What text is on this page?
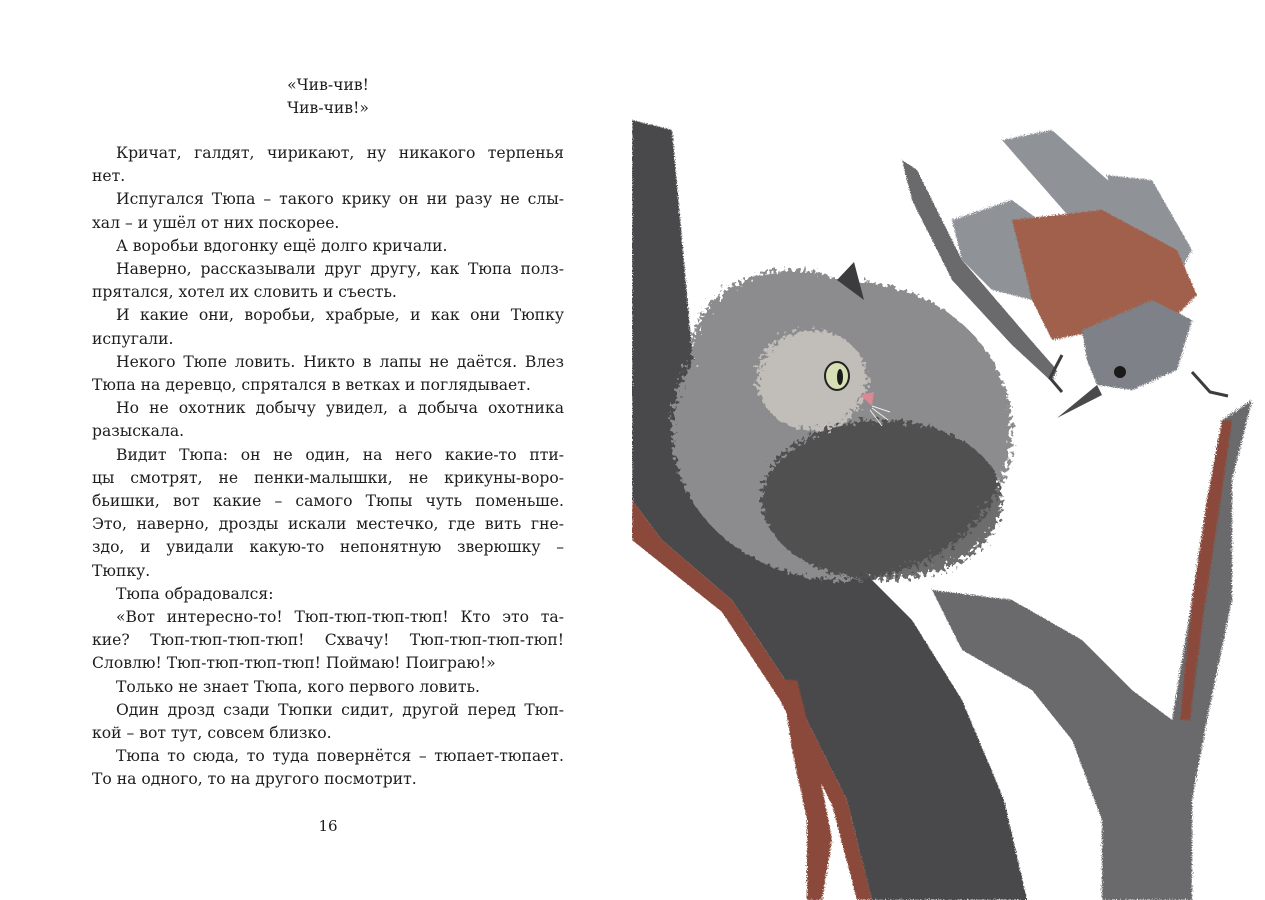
«Чив-чив!
Чив-чив!»
Кричат, галдят, чирикают, ну никакого терпенья
нет.
Испугался Тюпа – такого крику он ни разу не слы-
хал – и ушёл от них поскорее.
А воробьи вдогонку ещё долго кричали.
Наверно, рассказывали друг другу, как Тюпа полз-
прятался, хотел их словить и съесть.
И какие они, воробьи, храбрые, и как они Тюпку
испугали.
Некого Тюпе ловить. Никто в лапы не даётся. Влез
Тюпа на деревцо, спрятался в ветках и поглядывает.
Но не охотник добычу увидел, а добыча охотника
разыскала.
Видит Тюпа: он не один, на него какие-то пти-
цы смотрят, не пенки-малышки, не крикуны-воро-
бьишки, вот какие – самого Тюпы чуть поменьше.
Это, наверно, дрозды искали местечко, где вить гне-
здо, и увидали какую-то непонятную зверюшку –
Тюпку.
Тюпа обрадовался:
«Вот интересно-то! Тюп-тюп-тюп-тюп! Кто это та-
кие? Тюп-тюп-тюп-тюп! Схвачу! Тюп-тюп-тюп-тюп!
Словлю! Тюп-тюп-тюп-тюп! Поймаю! Поиграю!»
Только не знает Тюпа, кого первого ловить.
Один дрозд сзади Тюпки сидит, другой перед Тюп-
кой – вот тут, совсем близко.
Тюпа то сюда, то туда повернётся – тюпает-тюпает.
То на одного, то на другого посмотрит.
16
